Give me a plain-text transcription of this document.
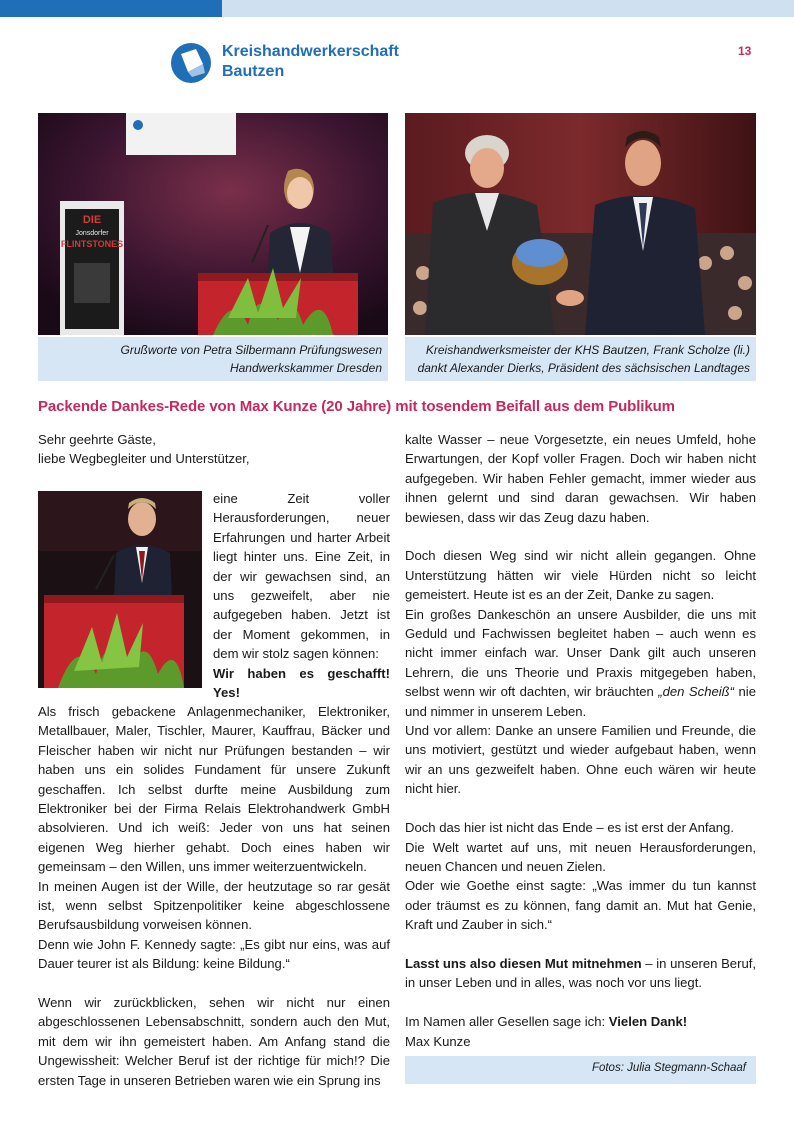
Kreishandwerkerschaft
Bautzen
13
DIE
Jonsdorfer
FLINTSTONES
Grußworte von Petra Silbermann Prüfungswesen
Handwerkskammer Dresden
Kreishandwerksmeister der KHS Bautzen, Frank Scholze (li.)
dankt Alexander Dierks, Präsident des sächsischen Landtages
Packende Dankes-Rede von Max Kunze (20 Jahre) mit tosendem Beifall aus dem Publikum

Sehr geehrte Gäste,

liebe Wegbegleiter und Unterstützer,

eine Zeit voller Herausforderungen, neuer Erfahrungen und harter Arbeit liegt hinter uns. Eine Zeit, in der wir gewachsen sind, an uns gezweifelt, aber nie aufgegeben haben. Jetzt ist der Moment gekommen, in dem wir stolz sagen können:

Wir haben es geschafft! Yes!

Als frisch gebackene Anlagenmechaniker, Elektroniker, Metallbauer, Maler, Tischler, Maurer, Kauffrau, Bäcker und Fleischer haben wir nicht nur Prüfungen bestanden – wir haben uns ein solides Fundament für unsere Zukunft geschaffen. Ich selbst durfte meine Ausbildung zum Elektroniker bei der Firma Relais Elektrohandwerk GmbH absolvieren. Und ich weiß: Jeder von uns hat seinen eigenen Weg hierher gehabt. Doch eines haben wir gemeinsam – den Willen, uns immer weiterzuentwickeln.

In meinen Augen ist der Wille, der heutzutage so rar gesät ist, wenn selbst Spitzenpolitiker keine abgeschlossene Berufsausbildung vorweisen können.

Denn wie John F. Kennedy sagte: „Es gibt nur eins, was auf Dauer teurer ist als Bildung: keine Bildung.“

Wenn wir zurückblicken, sehen wir nicht nur einen abgeschlossenen Lebensabschnitt, sondern auch den Mut, mit dem wir ihn gemeistert haben. Am Anfang stand die Ungewissheit: Welcher Beruf ist der richtige für mich!? Die ersten Tage in unseren Betrieben waren wie ein Sprung ins

kalte Wasser – neue Vorgesetzte, ein neues Umfeld, hohe Erwartungen, der Kopf voller Fragen. Doch wir haben nicht aufgegeben. Wir haben Fehler gemacht, immer wieder aus ihnen gelernt und sind daran gewachsen. Wir haben bewiesen, dass wir das Zeug dazu haben.

Doch diesen Weg sind wir nicht allein gegangen. Ohne Unterstützung hätten wir viele Hürden nicht so leicht gemeistert. Heute ist es an der Zeit, Danke zu sagen.

Ein großes Dankeschön an unsere Ausbilder, die uns mit Geduld und Fachwissen begleitet haben – auch wenn es nicht immer einfach war. Unser Dank gilt auch unseren Lehrern, die uns Theorie und Praxis mitgegeben haben, selbst wenn wir oft dachten, wir bräuchten „den Scheiß“ nie und nimmer in unserem Leben.

Und vor allem: Danke an unsere Familien und Freunde, die uns motiviert, gestützt und wieder aufgebaut haben, wenn wir an uns gezweifelt haben. Ohne euch wären wir heute nicht hier.

Doch das hier ist nicht das Ende – es ist erst der Anfang.

Die Welt wartet auf uns, mit neuen Herausforderungen, neuen Chancen und neuen Zielen.

Oder wie Goethe einst sagte: „Was immer du tun kannst oder träumst es zu können, fang damit an. Mut hat Genie, Kraft und Zauber in sich.“

Lasst uns also diesen Mut mitnehmen – in unseren Beruf, in unser Leben und in alles, was noch vor uns liegt.

Im Namen aller Gesellen sage ich: Vielen Dank!

Max Kunze

Fotos: Julia Stegmann-Schaaf
